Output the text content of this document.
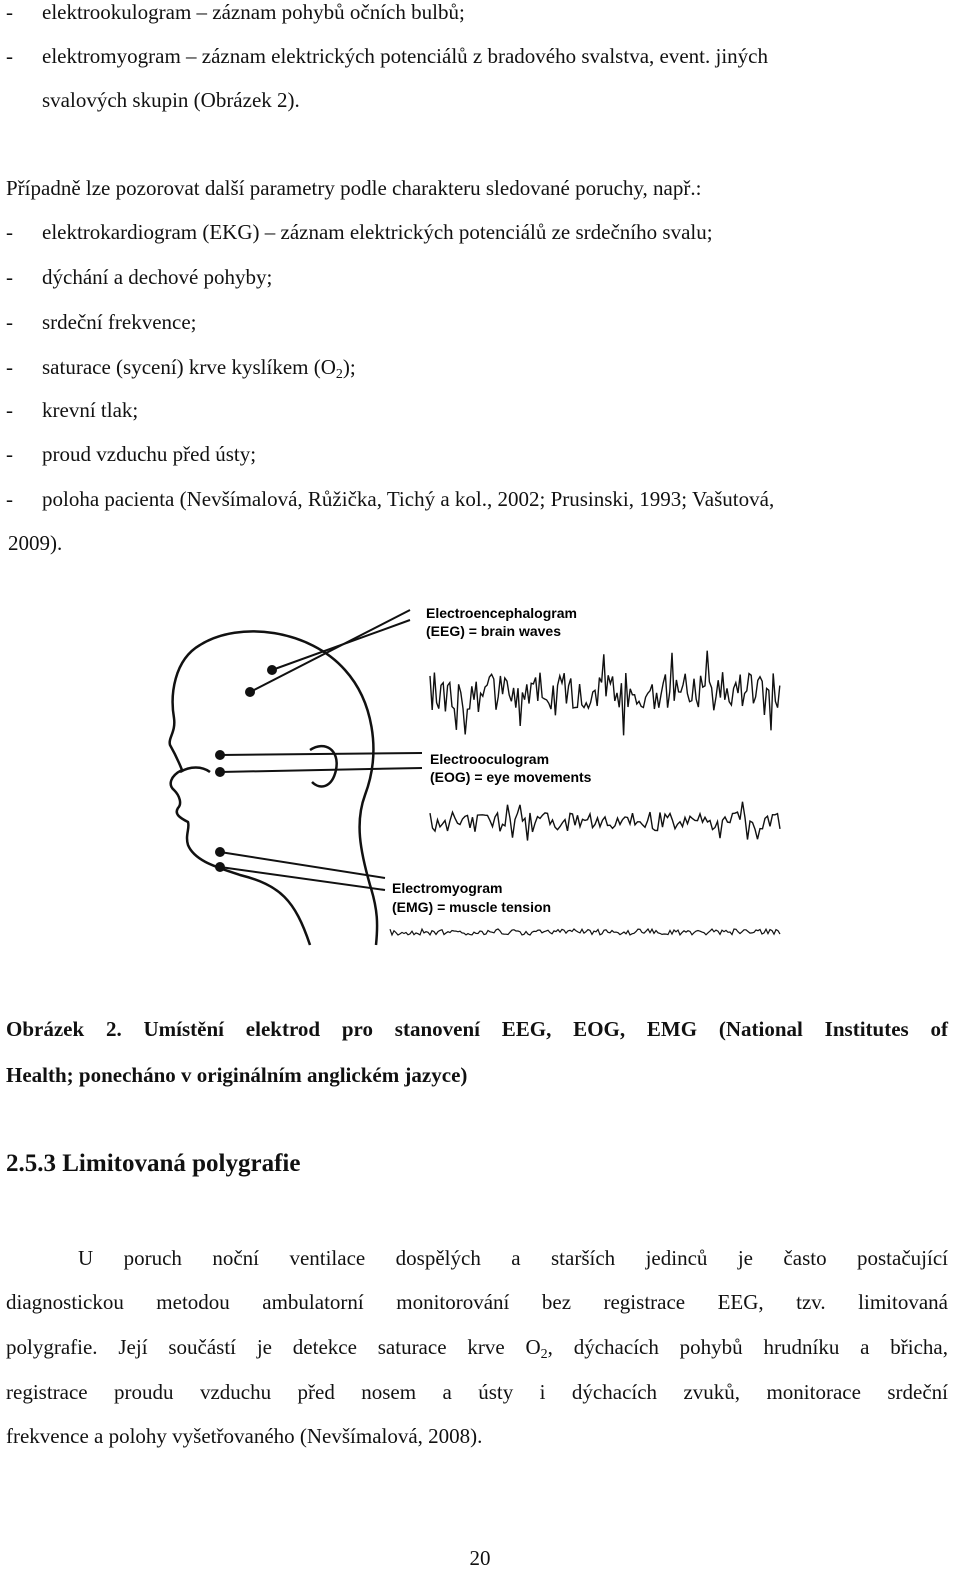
- elektrookulogram – záznam pohybů očních bulbů;
- elektromyogram – záznam elektrických potenciálů z bradového svalstva, event. jiných
svalových skupin (Obrázek 2).
Případně lze pozorovat další parametry podle charakteru sledované poruchy, např.:
- elektrokardiogram (EKG) – záznam elektrických potenciálů ze srdečního svalu;
- dýchání a dechové pohyby;
- srdeční frekvence;
- saturace (sycení) krve kyslíkem $(O_2)$;
- krevní tlak;
- proud vzduchu před ústy;
- poloha pacienta (Nevšímalová, Růžička, Tichý a kol., 2002; Prusinski, 1993; Vašutová,
2009).
Electroencephalogram
(EEG) = brain waves
Electrooculogram
(EOG) = eye movements
Electromyogram
(EMG) = muscle tension
Obrázek 2. Umístění elektrod pro stanovení EEG, EOG, EMG (National Institutes of
Health; ponecháno v originálním anglickém jazyce)
2.5.3 Limitovaná polygrafie
U poruch noční ventilace dospělých a starších jedinců je často postačující
diagnostickou metodou ambulatorní monitorování bez registrace EEG, tzv. limitovaná
polygrafie. Její součástí je detekce saturace krve $O_2$, dýchacích pohybů hrudníku a břicha,
registrace proudu vzduchu před nosem a ústy i dýchacích zvuků, monitorace srdeční
frekvence a polohy vyšetřovaného (Nevšímalová, 2008).
20
